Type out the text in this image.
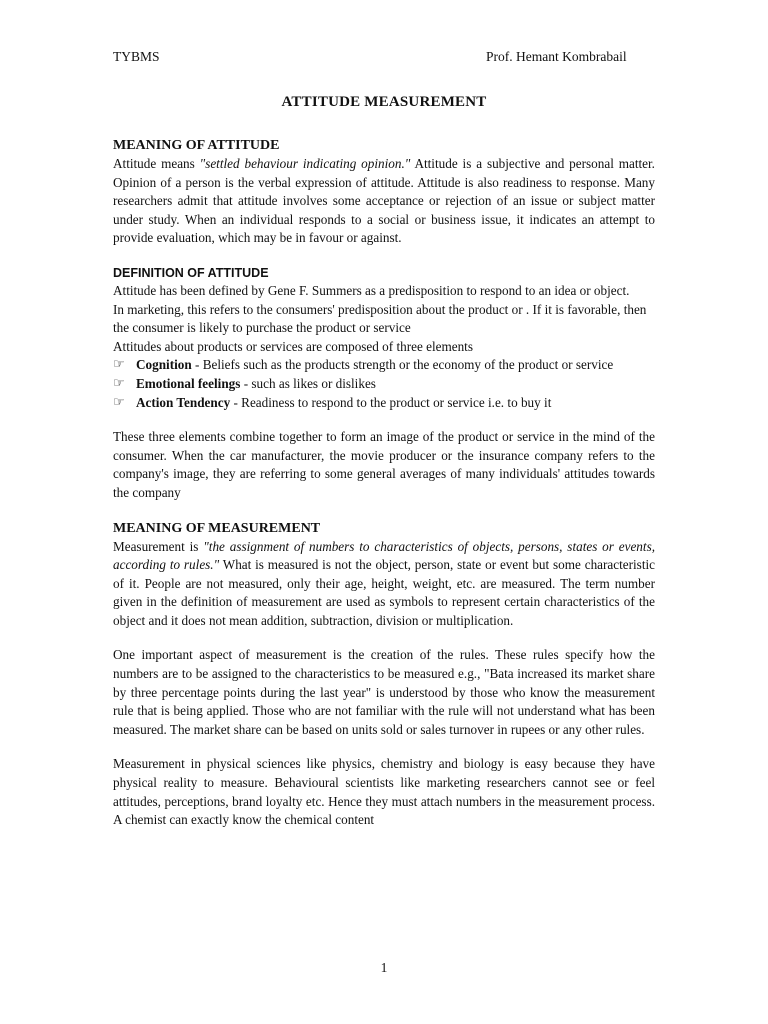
TYBMS	Prof. Hemant Kombrabail
ATTITUDE MEASUREMENT
MEANING OF ATTITUDE

Attitude means "settled behaviour indicating opinion." Attitude is a subjective and personal matter. Opinion of a person is the verbal expression of attitude. Attitude is also readiness to response. Many researchers admit that attitude involves some acceptance or rejection of an issue or subject matter under study. When an individual responds to a social or business issue, it indicates an attempt to provide evaluation, which may be in favour or against.

DEFINITION OF ATTITUDE

Attitude has been defined by Gene F. Summers as a predisposition to respond to an idea or object.

In marketing, this refers to the consumers' predisposition about the product or . If it is favorable, then the consumer is likely to purchase the product or service

Attitudes about products or services are composed of three elements

☞ Cognition - Beliefs such as the products strength or the economy of the product or service
☞ Emotional feelings - such as likes or dislikes
☞ Action Tendency - Readiness to respond to the product or service i.e. to buy it

These three elements combine together to form an image of the product or service in the mind of the consumer. When the car manufacturer, the movie producer or the insurance company refers to the company's image, they are referring to some general averages of many individuals' attitudes towards the company

MEANING OF MEASUREMENT

Measurement is "the assignment of numbers to characteristics of objects, persons, states or events, according to rules." What is measured is not the object, person, state or event but some characteristic of it. People are not measured, only their age, height, weight, etc. are measured. The term number given in the definition of measurement are used as symbols to represent certain characteristics of the object and it does not mean addition, subtraction, division or multiplication.

One important aspect of measurement is the creation of the rules. These rules specify how the numbers are to be assigned to the characteristics to be measured e.g., "Bata increased its market share by three percentage points during the last year" is understood by those who know the measurement rule that is being applied. Those who are not familiar with the rule will not understand what has been measured. The market share can be based on units sold or sales turnover in rupees or any other rules.

Measurement in physical sciences like physics, chemistry and biology is easy because they have physical reality to measure. Behavioural scientists like marketing researchers cannot see or feel attitudes, perceptions, brand loyalty etc. Hence they must attach numbers in the measurement process. A chemist can exactly know the chemical content

1
